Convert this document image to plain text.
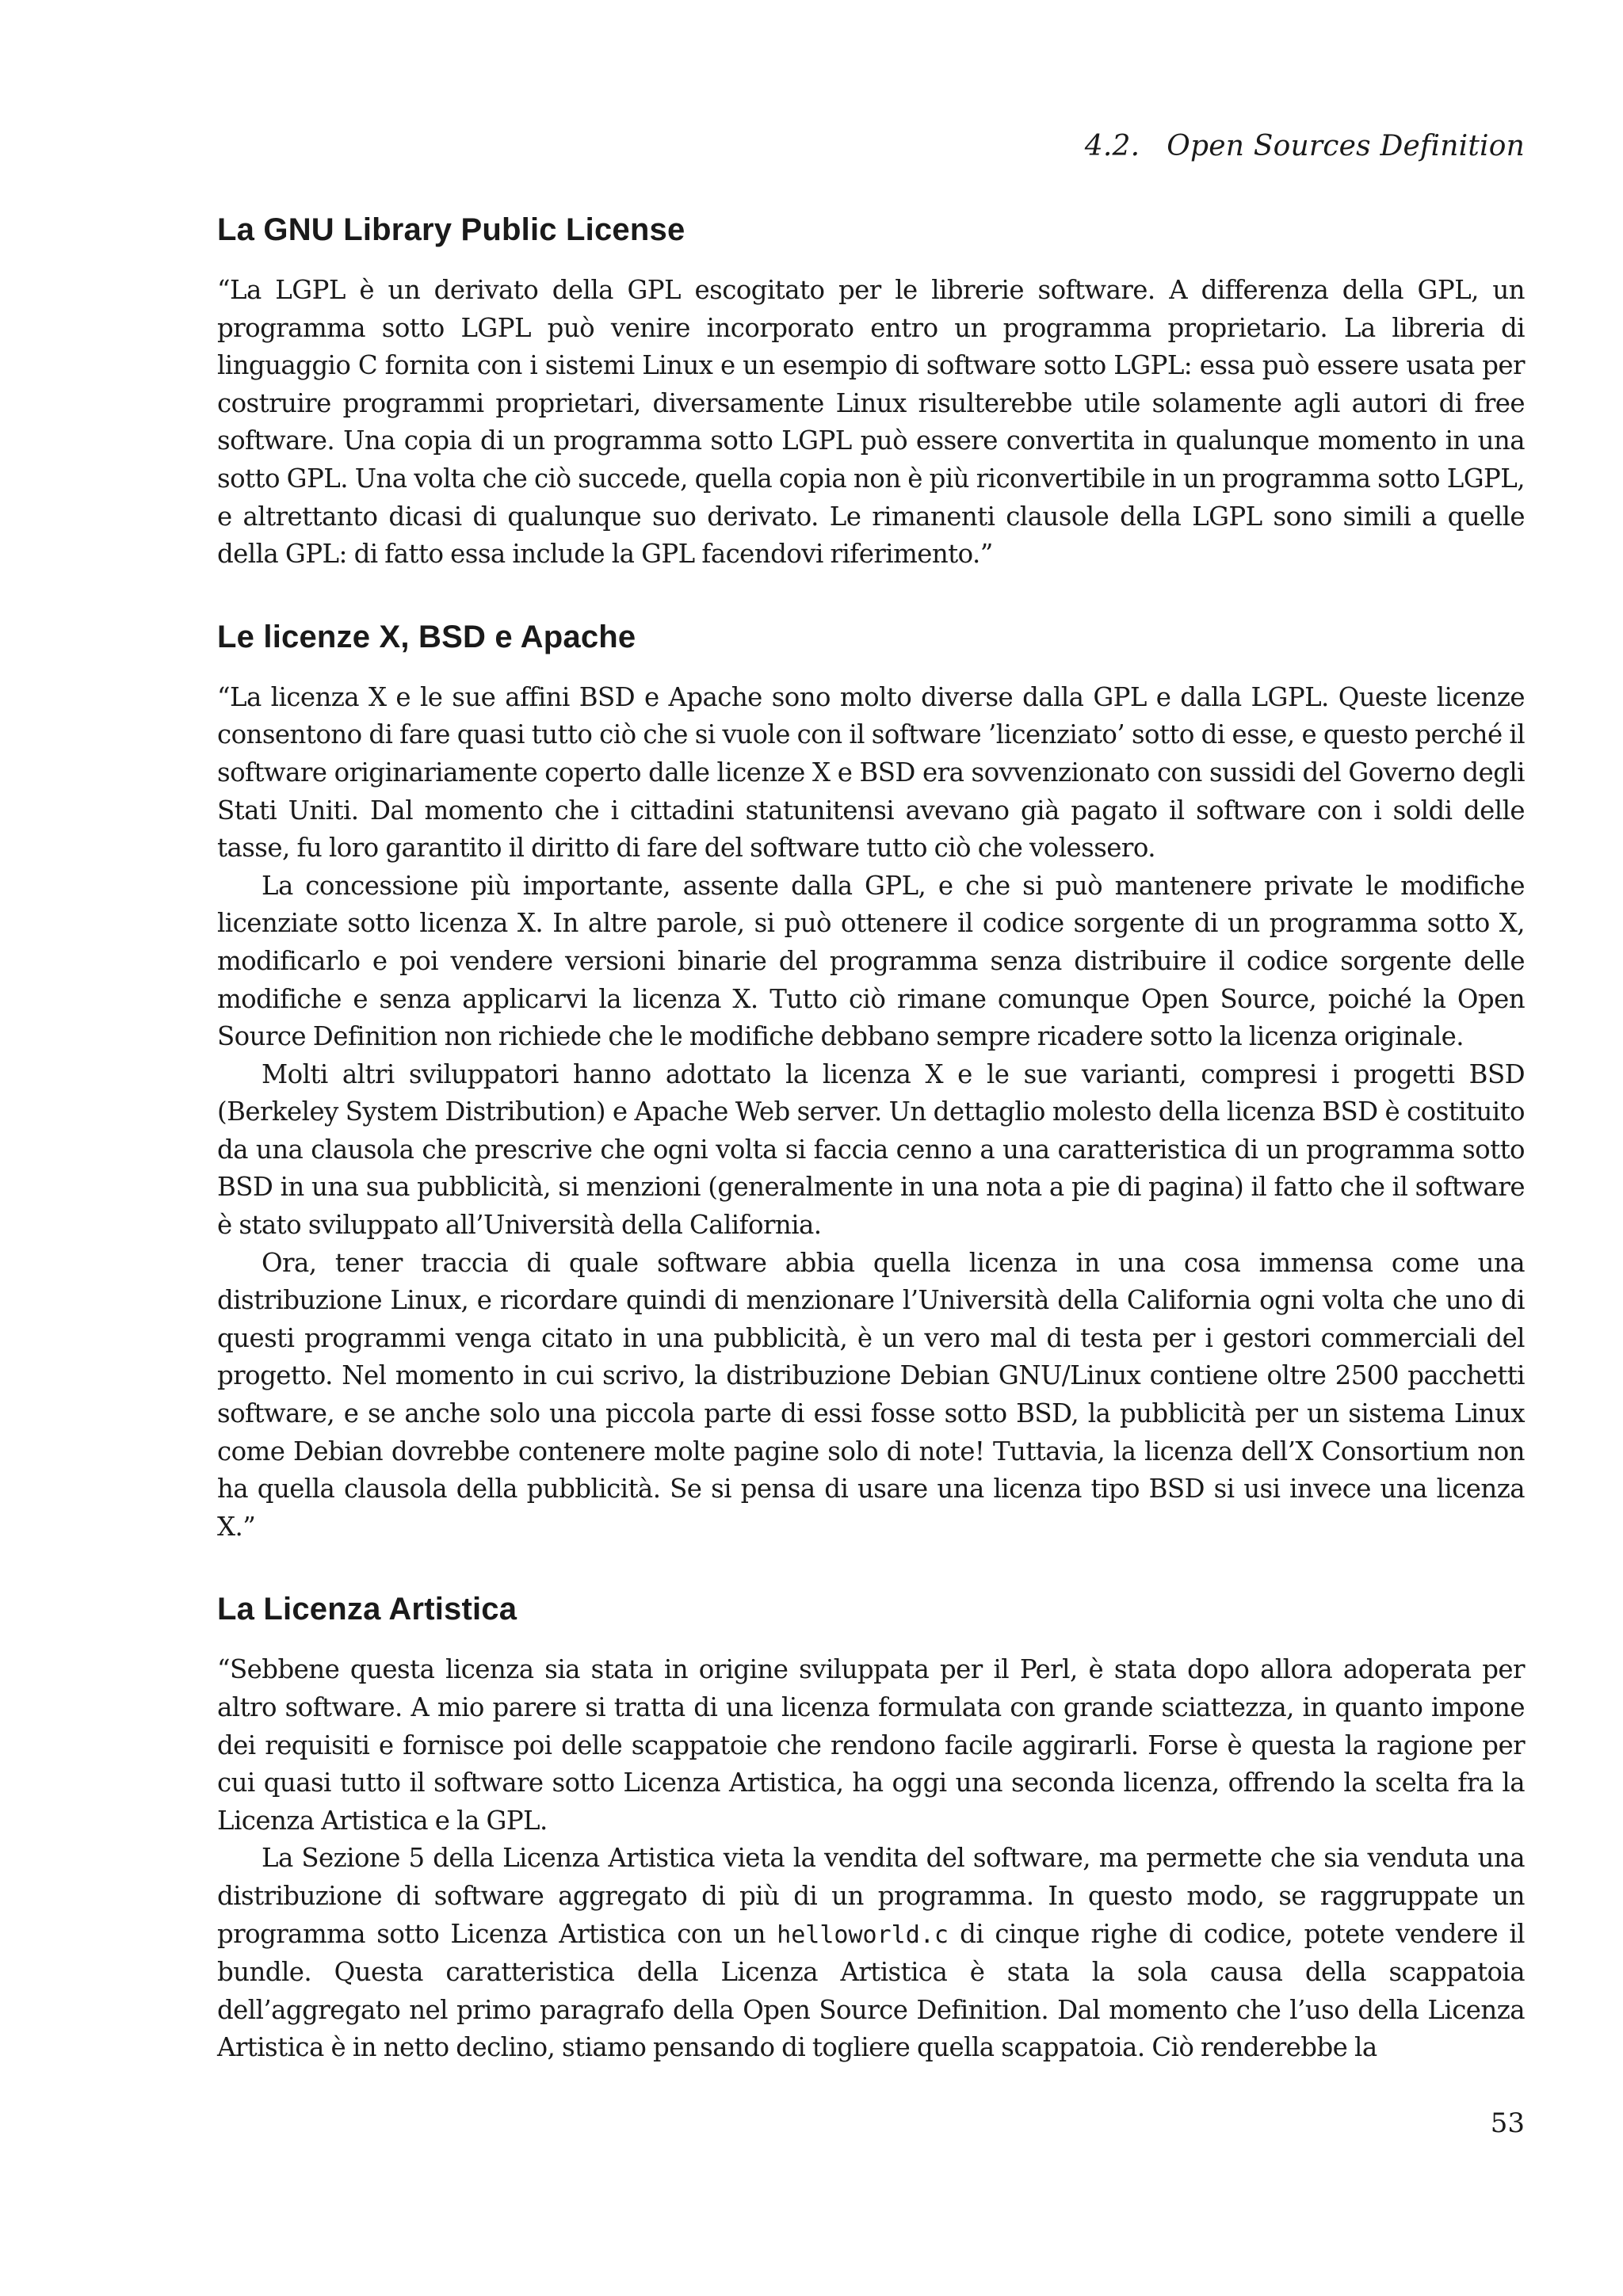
4.2. Open Sources Definition
La GNU Library Public License

“La LGPL è un derivato della GPL escogitato per le librerie software. A differenza della GPL, un programma sotto LGPL può venire incorporato entro un programma proprietario. La libreria di linguaggio C fornita con i sistemi Linux e un esempio di software sotto LGPL: essa può essere usata per costruire programmi proprietari, diversamente Linux risulterebbe utile solamente agli autori di free software. Una copia di un programma sotto LGPL può essere convertita in qualunque momento in una sotto GPL. Una volta che ciò succede, quella copia non è più riconvertibile in un programma sotto LGPL, e altrettanto dicasi di qualunque suo derivato. Le rimanenti clausole della LGPL sono simili a quelle della GPL: di fatto essa include la GPL facendovi riferimento.”

Le licenze X, BSD e Apache

“La licenza X e le sue affini BSD e Apache sono molto diverse dalla GPL e dalla LGPL. Queste licenze consentono di fare quasi tutto ciò che si vuole con il software ’licenziato’ sotto di esse, e questo perché il software originariamente coperto dalle licenze X e BSD era sovvenzionato con sussidi del Governo degli Stati Uniti. Dal momento che i cittadini statunitensi avevano già pagato il software con i soldi delle tasse, fu loro garantito il diritto di fare del software tutto ciò che volessero.

La concessione più importante, assente dalla GPL, e che si può mantenere private le modifiche licenziate sotto licenza X. In altre parole, si può ottenere il codice sorgente di un programma sotto X, modificarlo e poi vendere versioni binarie del programma senza distribuire il codice sorgente delle modifiche e senza applicarvi la licenza X. Tutto ciò rimane comunque Open Source, poiché la Open Source Definition non richiede che le modifiche debbano sempre ricadere sotto la licenza originale.

Molti altri sviluppatori hanno adottato la licenza X e le sue varianti, compresi i progetti BSD (Berkeley System Distribution) e Apache Web server. Un dettaglio molesto della licenza BSD è costituito da una clausola che prescrive che ogni volta si faccia cenno a una caratteristica di un programma sotto BSD in una sua pubblicità, si menzioni (generalmente in una nota a pie di pagina) il fatto che il software è stato sviluppato all’Università della California.

Ora, tener traccia di quale software abbia quella licenza in una cosa immensa come una distribuzione Linux, e ricordare quindi di menzionare l’Università della California ogni volta che uno di questi programmi venga citato in una pubblicità, è un vero mal di testa per i gestori commerciali del progetto. Nel momento in cui scrivo, la distribuzione Debian GNU/Linux contiene oltre 2500 pacchetti software, e se anche solo una piccola parte di essi fosse sotto BSD, la pubblicità per un sistema Linux come Debian dovrebbe contenere molte pagine solo di note! Tuttavia, la licenza dell’X Consortium non ha quella clausola della pubblicità. Se si pensa di usare una licenza tipo BSD si usi invece una licenza X.”

La Licenza Artistica

“Sebbene questa licenza sia stata in origine sviluppata per il Perl, è stata dopo allora adoperata per altro software. A mio parere si tratta di una licenza formulata con grande sciattezza, in quanto impone dei requisiti e fornisce poi delle scappatoie che rendono facile aggirarli. Forse è questa la ragione per cui quasi tutto il software sotto Licenza Artistica, ha oggi una seconda licenza, offrendo la scelta fra la Licenza Artistica e la GPL.

La Sezione 5 della Licenza Artistica vieta la vendita del software, ma permette che sia venduta una distribuzione di software aggregato di più di un programma. In questo modo, se raggruppate un programma sotto Licenza Artistica con un helloworld.c di cinque righe di codice, potete vendere il bundle. Questa caratteristica della Licenza Artistica è stata la sola causa della scappatoia dell’aggregato nel primo paragrafo della Open Source Definition. Dal momento che l’uso della Licenza Artistica è in netto declino, stiamo pensando di togliere quella scappatoia. Ciò renderebbe la

53
